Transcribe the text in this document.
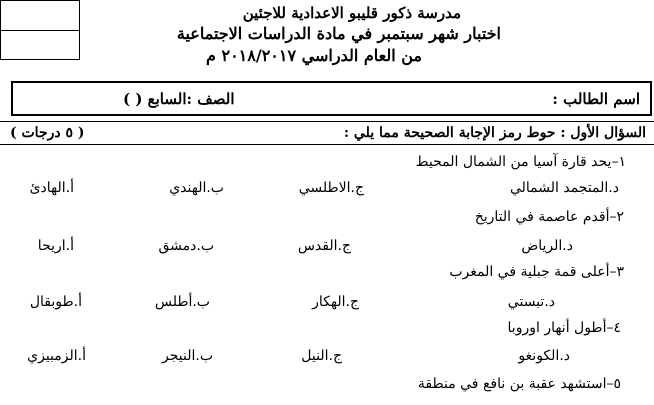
مدرسة ذكور قليبو الاعدادية للاجئين
اختبار شهر سبتمبر في مادة الدراسات الاجتماعية
من العام الدراسي ٢٠١٨/٢٠١٧ م
اسم الطالب :
الصف :السابع ( )
السؤال الأول : حوط رمز الإجابة الصحيحة مما يلي :
( ٥ درجات )
١–يحد قارة آسيا من الشمال المحيط
أ.الهادئ	ب.الهندي	ج.الاطلسي	د.المتجمد الشمالي
٢–أقدم عاصمة في التاريخ
أ.اريحا	ب.دمشق	ج.القدس	د.الرياض
٣–أعلى قمة جبلية في المغرب
أ.طوبقال	ب.أطلس	ج.الهكار	د.تبستي
٤–أطول أنهار اوروبا
أ.الزمبيزي	ب.النيجر	ج.النيل	د.الكونغو
٥–استشهد عقبة بن نافع في منطقة
